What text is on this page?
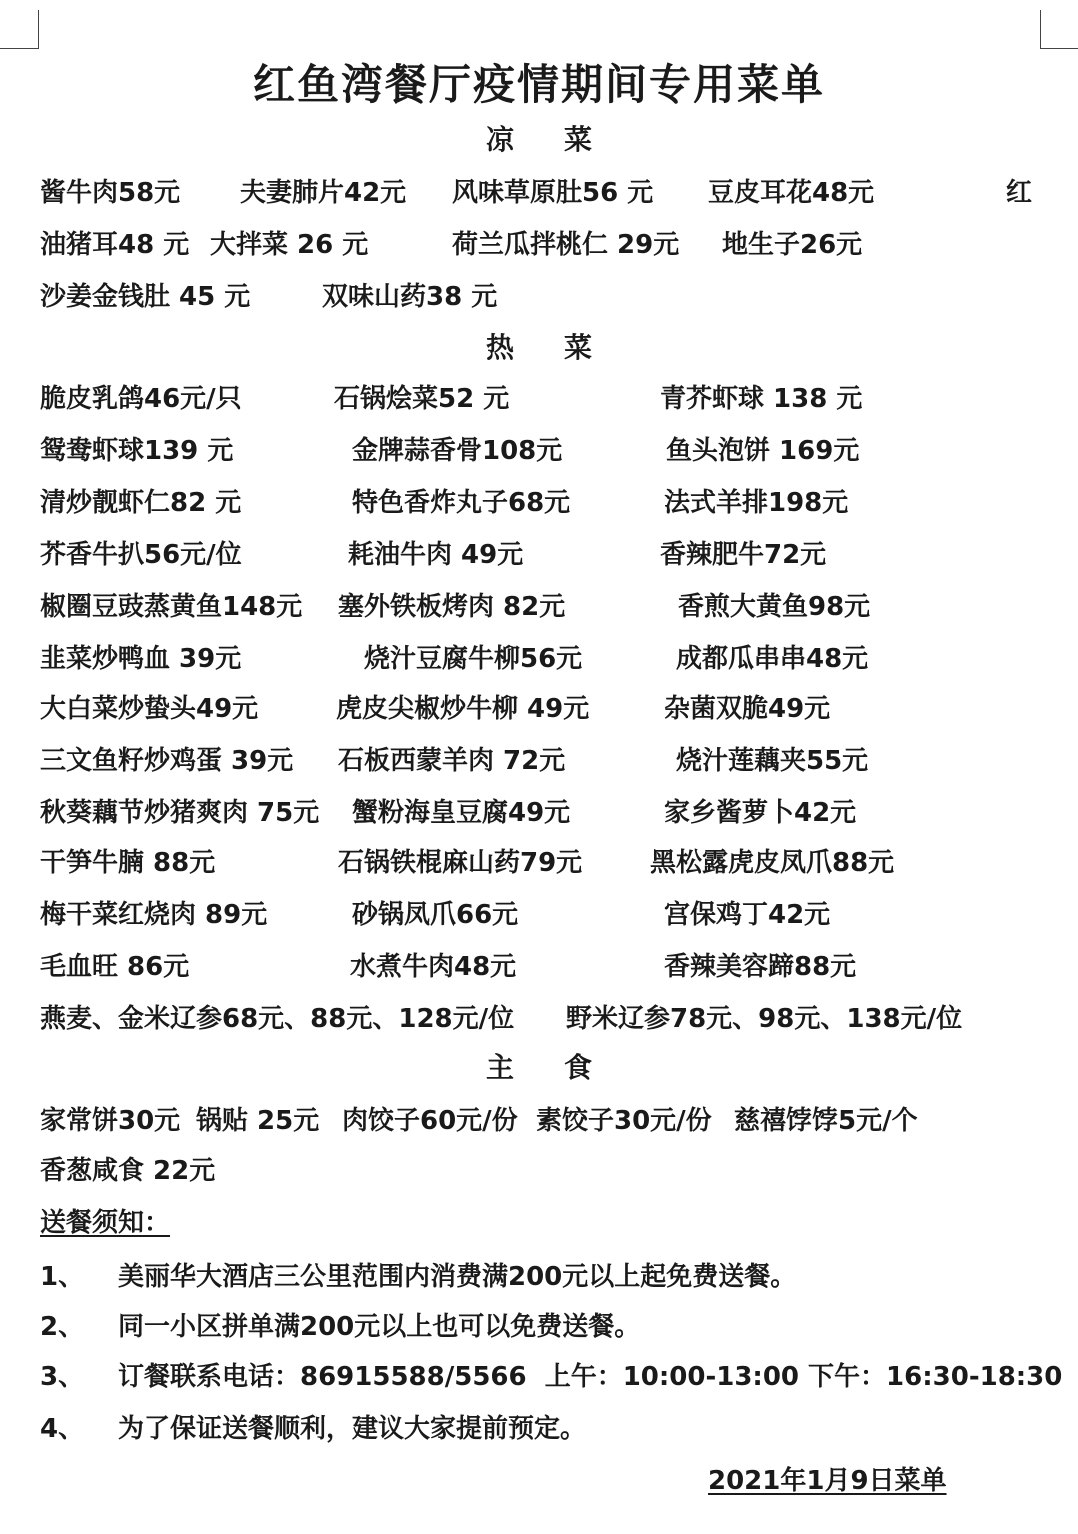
红鱼湾餐厅疫情期间专用菜单
凉菜
酱牛肉58元 夫妻肺片42元 风味草原肚56 元 豆皮耳花48元	红
油猪耳48 元 大拌菜 26 元	荷兰瓜拌桃仁 29元 地生子26元
沙姜金钱肚 45 元	双味山药38 元
热菜
脆皮乳鸽46元/只	石锅烩菜52 元	青芥虾球 138 元
鸳鸯虾球139 元	金牌蒜香骨108元	鱼头泡饼 169元
清炒靓虾仁82 元	特色香炸丸子68元	法式羊排198元
芥香牛扒56元/位	耗油牛肉 49元	香辣肥牛72元
椒圈豆豉蒸黄鱼148元 塞外铁板烤肉 82元	香煎大黄鱼98元
韭菜炒鸭血 39元	烧汁豆腐牛柳56元	成都瓜串串48元
大白菜炒蛰头49元	虎皮尖椒炒牛柳 49元	杂菌双脆49元
三文鱼籽炒鸡蛋 39元 石板西蒙羊肉 72元	烧汁莲藕夹55元
秋葵藕节炒猪爽肉 75元 蟹粉海皇豆腐49元	家乡酱萝卜42元
干笋牛腩 88元	石锅铁棍麻山药79元	黑松露虎皮凤爪88元
梅干菜红烧肉 89元	砂锅凤爪66元	宫保鸡丁42元
毛血旺 86元	水煮牛肉48元	香辣美容蹄88元
燕麦、金米辽参68元、88元、128元/位 野米辽参78元、98元、138元/位
主食
家常饼30元 锅贴 25元 肉饺子60元/份 素饺子30元/份 慈禧饽饽5元/个
香葱咸食 22元
送餐须知：
1、 美丽华大酒店三公里范围内消费满200元以上起免费送餐。
2、 同一小区拼单满200元以上也可以免费送餐。
3、 订餐联系电话：86915588/5566  上午：10:00-13:00 下午：16:30-18:30
4、 为了保证送餐顺利，建议大家提前预定。
2021年1月9日菜单
